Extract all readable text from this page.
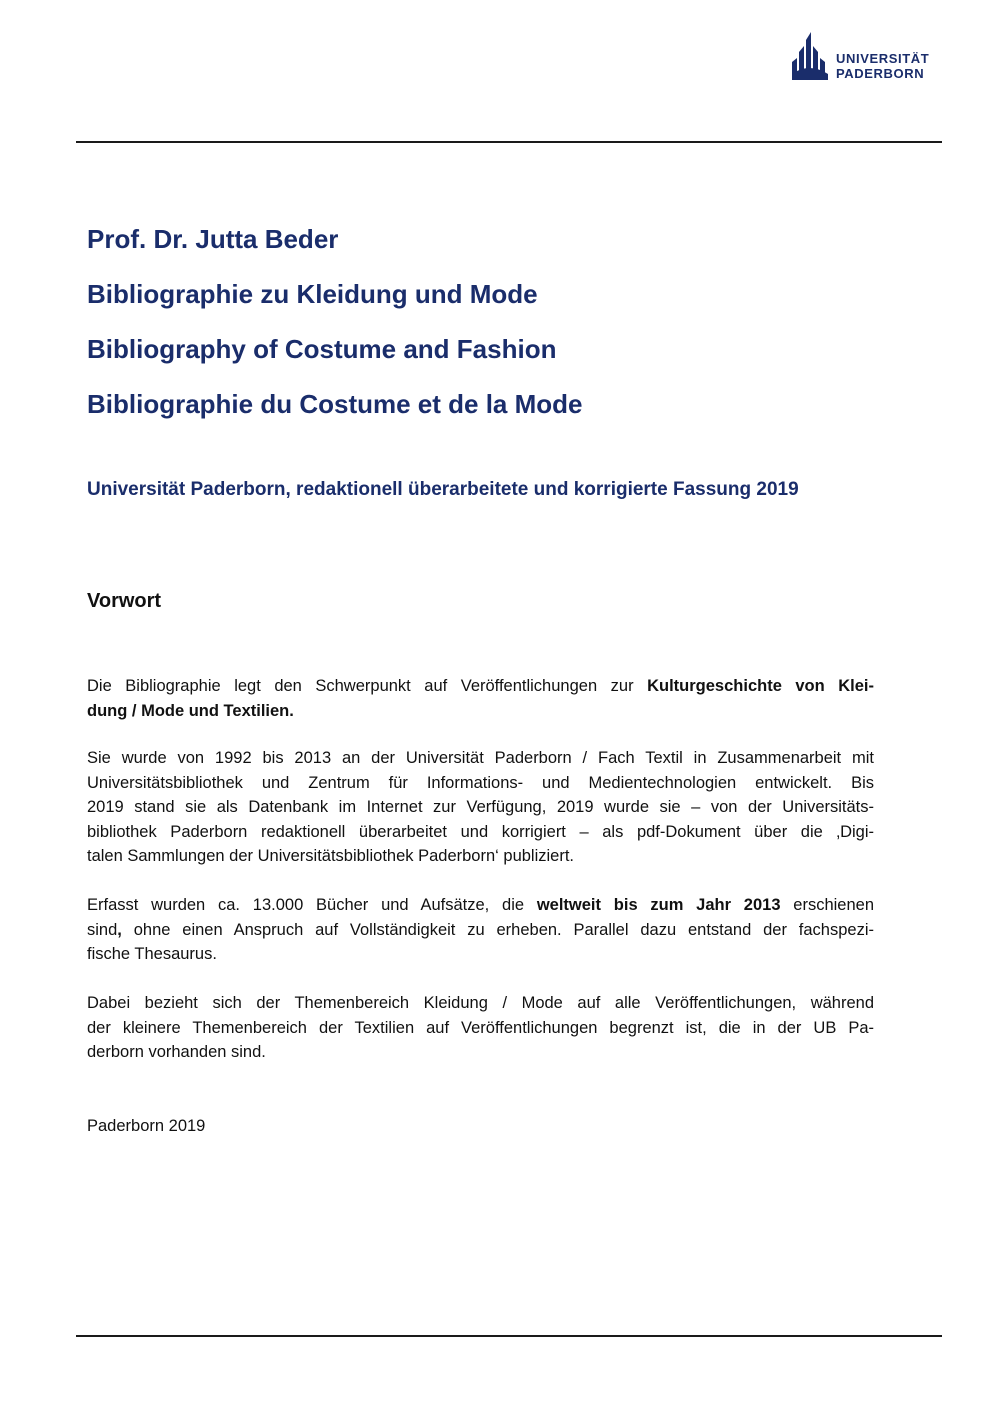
UNIVERSITÄT
PADERBORN
Prof. Dr. Jutta Beder
Bibliographie zu Kleidung und Mode
Bibliography of Costume and Fashion
Bibliographie du Costume et de la Mode
Universität Paderborn, redaktionell überarbeitete und korrigierte Fassung 2019
Vorwort
Die Bibliographie legt den Schwerpunkt auf Veröffentlichungen zur Kulturgeschichte von Klei-
dung / Mode und Textilien.
Sie wurde von 1992 bis 2013 an der Universität Paderborn / Fach Textil in Zusammenarbeit mit
Universitätsbibliothek und Zentrum für Informations- und Medientechnologien entwickelt. Bis
2019 stand sie als Datenbank im Internet zur Verfügung, 2019 wurde sie – von der Universitäts-
bibliothek Paderborn redaktionell überarbeitet und korrigiert – als pdf-Dokument über die ‚Digi-
talen Sammlungen der Universitätsbibliothek Paderborn‘ publiziert.
Erfasst wurden ca. 13.000 Bücher und Aufsätze, die weltweit bis zum Jahr 2013 erschienen
sind, ohne einen Anspruch auf Vollständigkeit zu erheben. Parallel dazu entstand der fachspezi-
fische Thesaurus.
Dabei bezieht sich der Themenbereich Kleidung / Mode auf alle Veröffentlichungen, während
der kleinere Themenbereich der Textilien auf Veröffentlichungen begrenzt ist, die in der UB Pa-
derborn vorhanden sind.

Paderborn 2019
